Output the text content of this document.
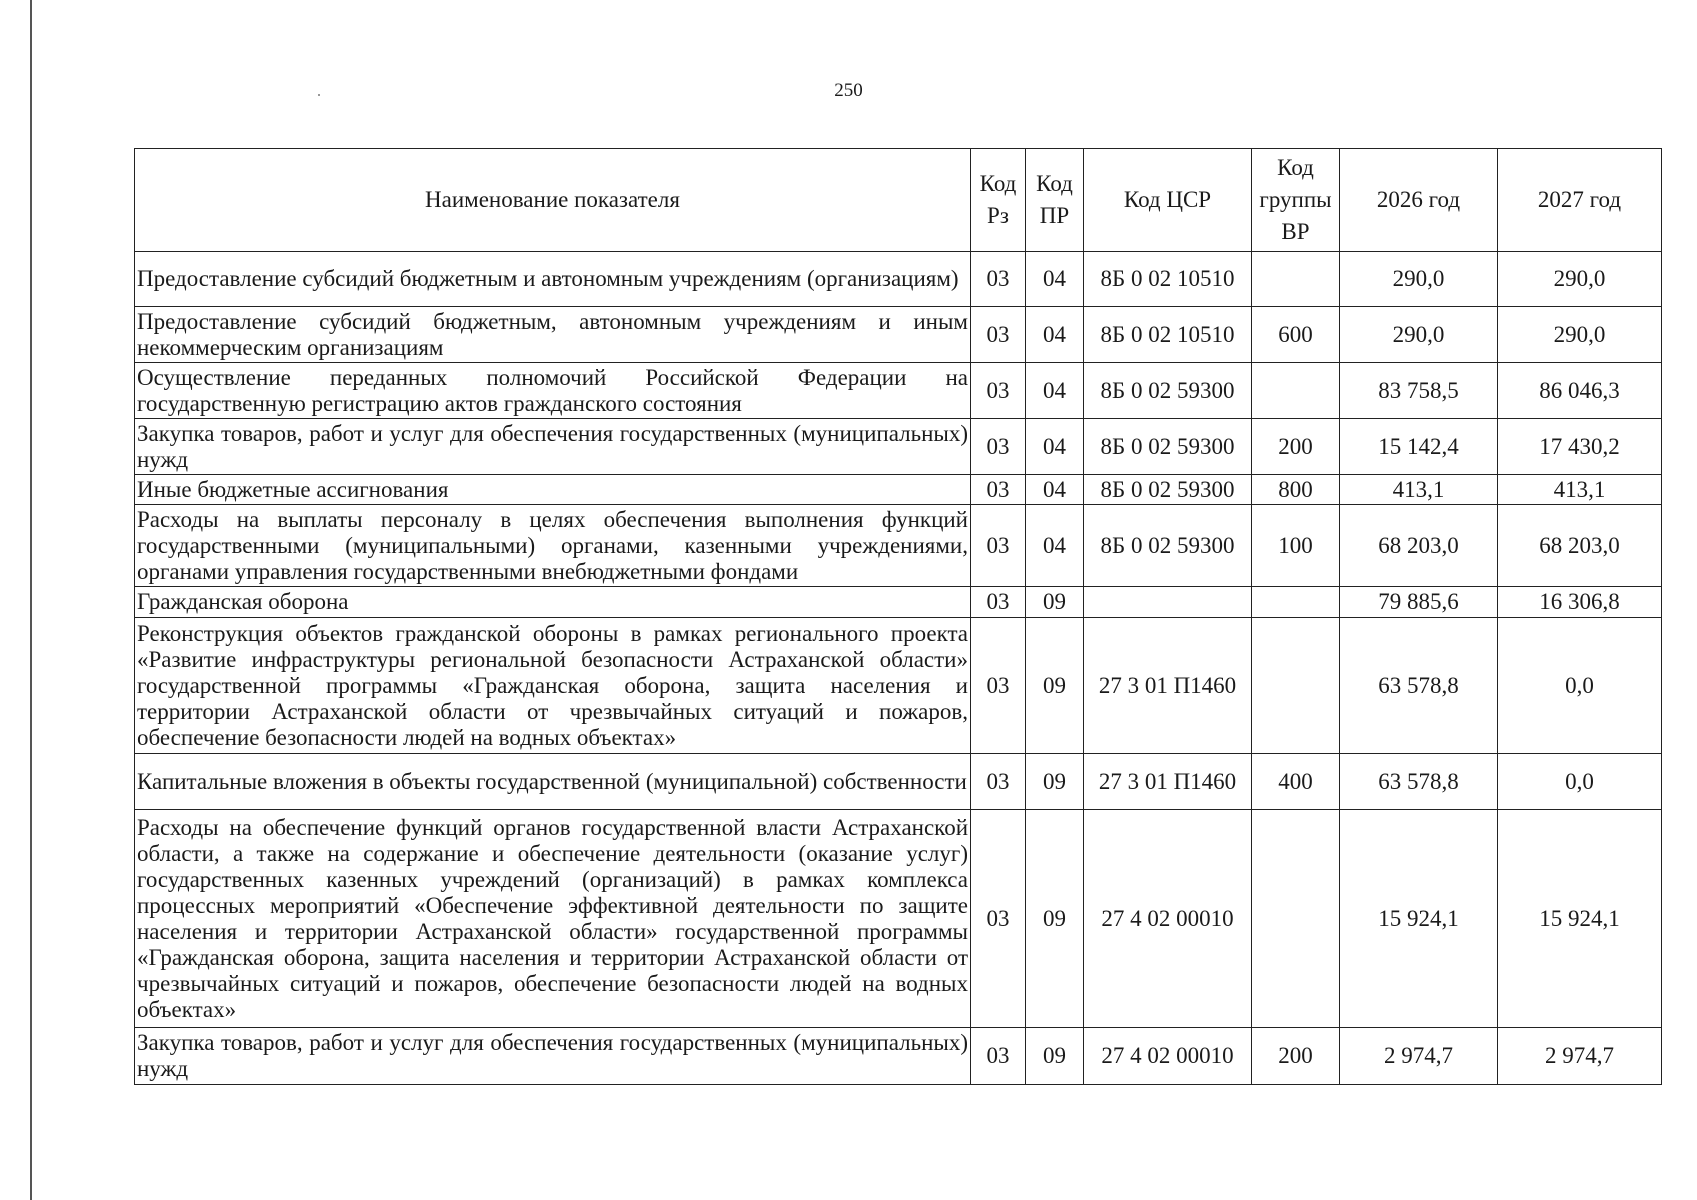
250
Наименование показателя	Код Рз	Код ПР	Код ЦСР	Код группы ВР	2026 год	2027 год
Предоставление субсидий бюджетным и автономным учреждениям (организациям)	03	04	8Б 0 02 10510		290,0	290,0
Предоставление субсидий бюджетным, автономным учреждениям и иным некоммерческим организациям	03	04	8Б 0 02 10510	600	290,0	290,0
Осуществление переданных полномочий Российской Федерации на государственную регистрацию актов гражданского состояния	03	04	8Б 0 02 59300		83 758,5	86 046,3
Закупка товаров, работ и услуг для обеспечения государственных (муниципальных) нужд	03	04	8Б 0 02 59300	200	15 142,4	17 430,2
Иные бюджетные ассигнования	03	04	8Б 0 02 59300	800	413,1	413,1
Расходы на выплаты персоналу в целях обеспечения выполнения функций государственными (муниципальными) органами, казенными учреждениями, органами управления государственными внебюджетными фондами	03	04	8Б 0 02 59300	100	68 203,0	68 203,0
Гражданская оборона	03	09			79 885,6	16 306,8
Реконструкция объектов гражданской обороны в рамках регионального проекта «Развитие инфраструктуры региональной безопасности Астраханской области» государственной программы «Гражданская оборона, защита населения и территории Астраханской области от чрезвычайных ситуаций и пожаров, обеспечение безопасности людей на водных объектах»	03	09	27 3 01 П1460		63 578,8	0,0
Капитальные вложения в объекты государственной (муниципальной) собственности	03	09	27 3 01 П1460	400	63 578,8	0,0
Расходы на обеспечение функций органов государственной власти Астраханской области, а также на содержание и обеспечение деятельности (оказание услуг) государственных казенных учреждений (организаций) в рамках комплекса процессных мероприятий «Обеспечение эффективной деятельности по защите населения и территории Астраханской области» государственной программы «Гражданская оборона, защита населения и территории Астраханской области от чрезвычайных ситуаций и пожаров, обеспечение безопасности людей на водных объектах»	03	09	27 4 02 00010		15 924,1	15 924,1
Закупка товаров, работ и услуг для обеспечения государственных (муниципальных) нужд	03	09	27 4 02 00010	200	2 974,7	2 974,7
